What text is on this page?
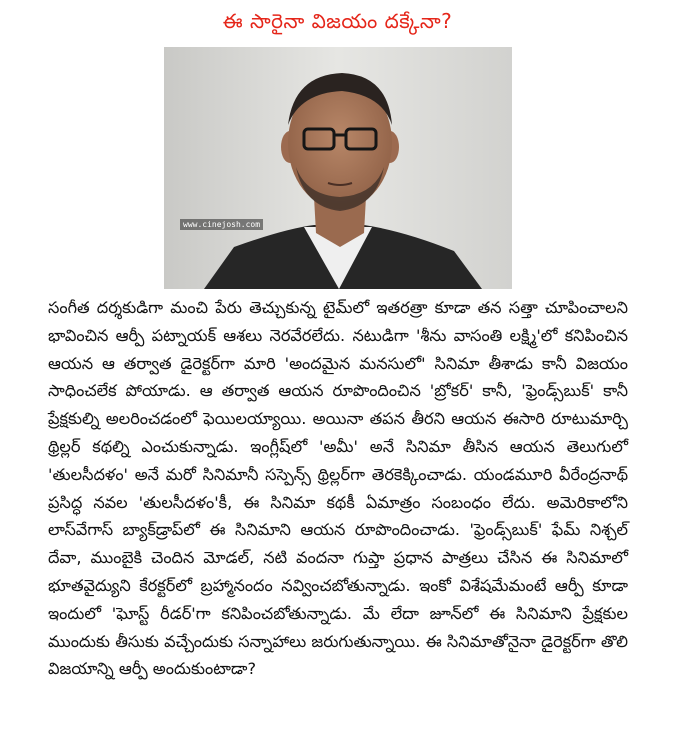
ఈ సారైనా విజయం దక్కేనా?
www.cinejosh.com

సంగీత దర్శకుడిగా మంచి పేరు తెచ్చుకున్న టైమ్‌లో ఇతరత్రా కూడా తన సత్తా చూపించాలని భావించిన ఆర్పీ పట్నాయక్‌ ఆశలు నెరవేరలేదు. నటుడిగా 'శీను వాసంతి లక్ష్మి'లో కనిపించిన ఆయన ఆ తర్వాత డైరెక్టర్‌గా మారి 'అందమైన మనసులో' సినిమా తీశాడు కానీ విజయం సాధించలేక పోయాడు. ఆ తర్వాత ఆయన రూపొందించిన 'బ్రోకర్‌' కానీ, 'ఫ్రెండ్స్‌బుక్‌' కానీ ప్రేక్షకుల్ని అలరించడంలో ఫెయిలయ్యాయి. అయినా తపన తీరని ఆయన ఈసారి రూటుమార్చి థ్రిల్లర్‌ కథల్ని ఎంచుకున్నాడు. ఇంగ్లీష్‌లో 'అమీ' అనే సినిమా తీసిన ఆయన తెలుగులో 'తులసీదళం' అనే మరో సినిమానీ సస్పెన్స్‌ థ్రిల్లర్‌గా తెరకెక్కించాడు. యండమూరి వీరేంద్రనాథ్‌ ప్రసిద్ధ నవల 'తులసీదళం'కీ, ఈ సినిమా కథకీ ఏమాత్రం సంబంధం లేదు. అమెరికాలోని లాస్‌వేగాస్‌ బ్యాక్‌డ్రాప్‌లో ఈ సినిమాని ఆయన రూపొందించాడు. 'ఫ్రెండ్స్‌బుక్‌' ఫేమ్‌ నిశ్చల్‌ దేవా, ముంబైకి చెందిన మోడల్‌, నటి వందనా గుప్తా ప్రధాన పాత్రలు చేసిన ఈ సినిమాలో భూతవైద్యుని కేరక్టర్‌లో బ్రహ్మానందం నవ్వించబోతున్నాడు. ఇంకో విశేషమేమంటే ఆర్పీ కూడా ఇందులో 'ఘోస్ట్‌ రీడర్‌'గా కనిపించబోతున్నాడు. మే లేదా జూన్‌లో ఈ సినిమాని ప్రేక్షకుల ముందుకు తీసుకు వచ్చేందుకు సన్నాహాలు జరుగుతున్నాయి. ఈ సినిమాతోనైనా డైరెక్టర్‌గా తొలి విజయాన్ని ఆర్పీ అందుకుంటాడా?
